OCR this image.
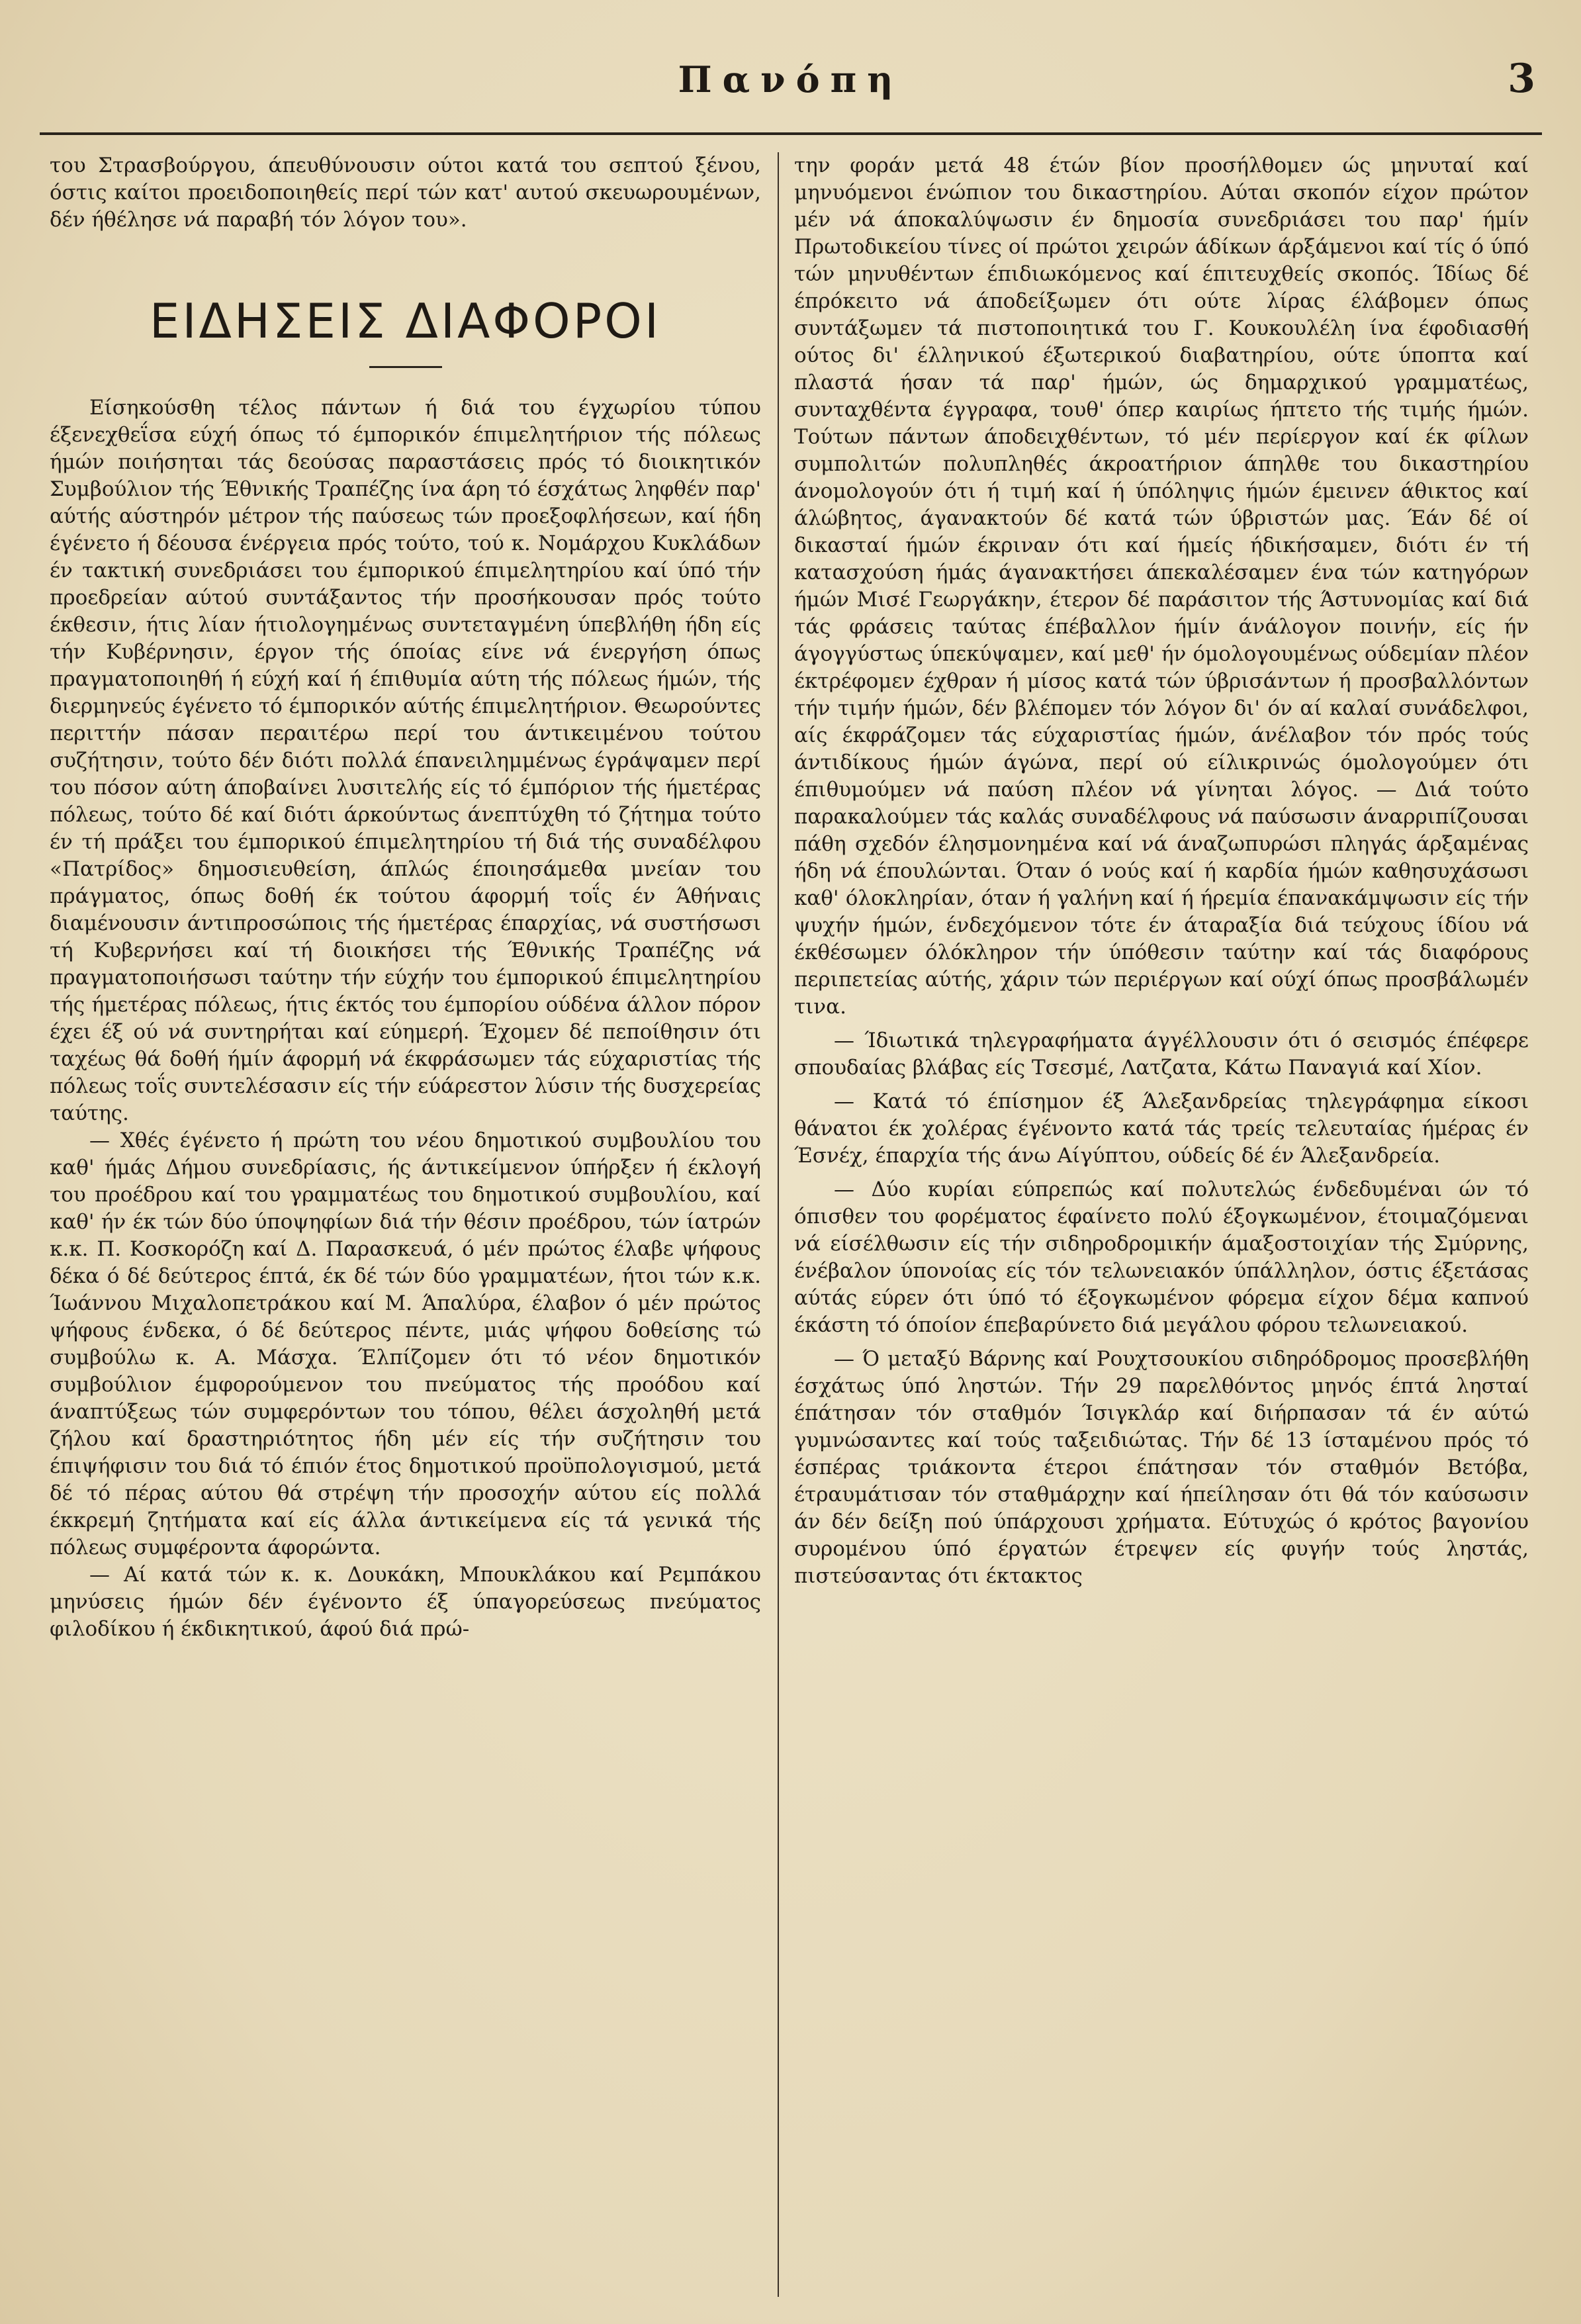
Πανόπη	3

του Στρασβούργου, άπευθύνουσιν ούτοι κατά του σεπτού ξένου, όστις καίτοι προειδοποιηθείς περί τών κατ' αυτού σκευωρουμένων, δέν ήθέλησε νά παραβή τόν λόγον του».

ΕΙΔΗΣΕΙΣ ΔΙΑΦΟΡΟΙ

Είσηκούσθη τέλος πάντων ή διά του έγχωρίου τύπου έξενεχθεΐσα εύχή όπως τό έμπορικόν έπιμελητήριον τής πόλεως ήμών ποιήσηται τάς δεούσας παραστάσεις πρός τό διοικητικόν Συμβούλιον τής Έθνικής Τραπέζης ίνα άρη τό έσχάτως ληφθέν παρ' αύτής αύστηρόν μέτρον τής παύσεως τών προεξοφλήσεων, καί ήδη έγένετο ή δέουσα ένέργεια πρός τούτο, τού κ. Νομάρχου Κυκλάδων έν τακτική συνεδριάσει του έμπορικού έπιμελητηρίου καί ύπό τήν προεδρείαν αύτού συντάξαντος τήν προσήκουσαν πρός τούτο έκθεσιν, ήτις λίαν ήτιολογημένως συντεταγμένη ύπεβλήθη ήδη είς τήν Κυβέρνησιν, έργον τής όποίας είνε νά ένεργήση όπως πραγματοποιηθή ή εύχή καί ή έπιθυμία αύτη τής πόλεως ήμών, τής διερμηνεύς έγένετο τό έμπορικόν αύτής έπιμελητήριον. Θεωρούντες περιττήν πάσαν περαιτέρω περί του άντικειμένου τούτου συζήτησιν, τούτο δέν διότι πολλά έπανειλημμένως έγράψαμεν περί του πόσον αύτη άποβαίνει λυσιτελής είς τό έμπόριον τής ήμετέρας πόλεως, τούτο δέ καί διότι άρκούντως άνεπτύχθη τό ζήτημα τούτο έν τή πράξει του έμπορικού έπιμελητηρίου τή διά τής συναδέλφου «Πατρίδος» δημοσιευθείση, άπλώς έποιησάμεθα μνείαν του πράγματος, όπως δοθή έκ τούτου άφορμή τοΐς έν Άθήναις διαμένουσιν άντιπροσώποις τής ήμετέρας έπαρχίας, νά συστήσωσι τή Κυβερνήσει καί τή διοικήσει τής Έθνικής Τραπέζης νά πραγματοποιήσωσι ταύτην τήν εύχήν του έμπορικού έπιμελητηρίου τής ήμετέρας πόλεως, ήτις έκτός του έμπορίου ούδένα άλλον πόρον έχει έξ ού νά συντηρήται καί εύημερή. Έχομεν δέ πεποίθησιν ότι ταχέως θά δοθή ήμίν άφορμή νά έκφράσωμεν τάς εύχαριστίας τής πόλεως τοΐς συντελέσασιν είς τήν εύάρεστον λύσιν τής δυσχερείας ταύτης.

— Χθές έγένετο ή πρώτη του νέου δημοτικού συμβουλίου του καθ' ήμάς Δήμου συνεδρίασις, ής άντικείμενον ύπήρξεν ή έκλογή του προέδρου καί του γραμματέως του δημοτικού συμβουλίου, καί καθ' ήν έκ τών δύο ύποψηφίων διά τήν θέσιν προέδρου, τών ίατρών κ.κ. Π. Κοσκορόζη καί Δ. Παρασκευά, ό μέν πρώτος έλαβε ψήφους δέκα ό δέ δεύτερος έπτά, έκ δέ τών δύο γραμματέων, ήτοι τών κ.κ. Ίωάννου Μιχαλοπετράκου καί Μ. Άπαλύρα, έλαβον ό μέν πρώτος ψήφους ένδεκα, ό δέ δεύτερος πέντε, μιάς ψήφου δοθείσης τώ συμβούλω κ. Α. Μάσχα. Έλπίζομεν ότι τό νέον δημοτικόν συμβούλιον έμφορούμενον του πνεύματος τής προόδου καί άναπτύξεως τών συμφερόντων του τόπου, θέλει άσχοληθή μετά ζήλου καί δραστηριότητος ήδη μέν είς τήν συζήτησιν του έπιψήφισιν του διά τό έπιόν έτος δημοτικού προϋπολογισμού, μετά δέ τό πέρας αύτου θά στρέψη τήν προσοχήν αύτου είς πολλά έκκρεμή ζητήματα καί είς άλλα άντικείμενα είς τά γενικά τής πόλεως συμφέροντα άφορώντα.

— Αί κατά τών κ. κ. Δουκάκη, Μπουκλάκου καί Ρεμπάκου μηνύσεις ήμών δέν έγένοντο έξ ύπαγορεύσεως πνεύματος φιλοδίκου ή έκδικητικού, άφού διά πρώ-

την φοράν μετά 48 έτών βίον προσήλθομεν ώς μηνυταί καί μηνυόμενοι ένώπιον του δικαστηρίου. Αύται σκοπόν είχον πρώτον μέν νά άποκαλύψωσιν έν δημοσία συνεδριάσει του παρ' ήμίν Πρωτοδικείου τίνες οί πρώτοι χειρών άδίκων άρξάμενοι καί τίς ό ύπό τών μηνυθέντων έπιδιωκόμενος καί έπιτευχθείς σκοπός. Ίδίως δέ έπρόκειτο νά άποδείξωμεν ότι ούτε λίρας έλάβομεν όπως συντάξωμεν τά πιστοποιητικά του Γ. Κουκουλέλη ίνα έφοδιασθή ούτος δι' έλληνικού έξωτερικού διαβατηρίου, ούτε ύποπτα καί πλαστά ήσαν τά παρ' ήμών, ώς δημαρχικού γραμματέως, συνταχθέντα έγγραφα, τουθ' όπερ καιρίως ήπτετο τής τιμής ήμών. Τούτων πάντων άποδειχθέντων, τό μέν περίεργον καί έκ φίλων συμπολιτών πολυπληθές άκροατήριον άπηλθε του δικαστηρίου άνομολογούν ότι ή τιμή καί ή ύπόληψις ήμών έμεινεν άθικτος καί άλώβητος, άγανακτούν δέ κατά τών ύβριστών μας. Έάν δέ οί δικασταί ήμών έκριναν ότι καί ήμείς ήδικήσαμεν, διότι έν τή κατασχούση ήμάς άγανακτήσει άπεκαλέσαμεν ένα τών κατηγόρων ήμών Μισέ Γεωργάκην, έτερον δέ παράσιτον τής Άστυνομίας καί διά τάς φράσεις ταύτας έπέβαλλον ήμίν άνάλογον ποινήν, είς ήν άγογγύστως ύπεκύψαμεν, καί μεθ' ήν όμολογουμένως ούδεμίαν πλέον έκτρέφομεν έχθραν ή μίσος κατά τών ύβρισάντων ή προσβαλλόντων τήν τιμήν ήμών, δέν βλέπομεν τόν λόγον δι' όν αί καλαί συνάδελφοι, αίς έκφράζομεν τάς εύχαριστίας ήμών, άνέλαβον τόν πρός τούς άντιδίκους ήμών άγώνα, περί ού είλικρινώς όμολογούμεν ότι έπιθυμούμεν νά παύση πλέον νά γίνηται λόγος. — Διά τούτο παρακαλούμεν τάς καλάς συναδέλφους νά παύσωσιν άναρριπίζουσαι πάθη σχεδόν έλησμονημένα καί νά άναζωπυρώσι πληγάς άρξαμένας ήδη νά έπουλώνται. Όταν ό νούς καί ή καρδία ήμών καθησυχάσωσι καθ' όλοκληρίαν, όταν ή γαλήνη καί ή ήρεμία έπανακάμψωσιν είς τήν ψυχήν ήμών, ένδεχόμενον τότε έν άταραξία διά τεύχους ίδίου νά έκθέσωμεν όλόκληρον τήν ύπόθεσιν ταύτην καί τάς διαφόρους περιπετείας αύτής, χάριν τών περιέργων καί ούχί όπως προσβάλωμέν τινα.

— Ίδιωτικά τηλεγραφήματα άγγέλλουσιν ότι ό σεισμός έπέφερε σπουδαίας βλάβας είς Τσεσμέ, Λατζατα, Κάτω Παναγιά καί Χίον.

— Κατά τό έπίσημον έξ Άλεξανδρείας τηλεγράφημα είκοσι θάνατοι έκ χολέρας έγένοντο κατά τάς τρείς τελευταίας ήμέρας έν Έσνέχ, έπαρχία τής άνω Αίγύπτου, ούδείς δέ έν Άλεξανδρεία.

— Δύο κυρίαι εύπρεπώς καί πολυτελώς ένδεδυμέναι ών τό όπισθεν του φορέματος έφαίνετο πολύ έξογκωμένον, έτοιμαζόμεναι νά είσέλθωσιν είς τήν σιδηροδρομικήν άμαξοστοιχίαν τής Σμύρνης, ένέβαλον ύπονοίας είς τόν τελωνειακόν ύπάλληλον, όστις έξετάσας αύτάς εύρεν ότι ύπό τό έξογκωμένον φόρεμα είχον δέμα καπνού έκάστη τό όποίον έπεβαρύνετο διά μεγάλου φόρου τελωνειακού.

— Ό μεταξύ Βάρνης καί Ρουχτσουκίου σιδηρόδρομος προσεβλήθη έσχάτως ύπό ληστών. Τήν 29 παρελθόντος μηνός έπτά λησταί έπάτησαν τόν σταθμόν Ίσιγκλάρ καί διήρπασαν τά έν αύτώ γυμνώσαντες καί τούς ταξειδιώτας. Τήν δέ 13 ίσταμένου πρός τό έσπέρας τριάκοντα έτεροι έπάτησαν τόν σταθμόν Βετόβα, έτραυμάτισαν τόν σταθμάρχην καί ήπείλησαν ότι θά τόν καύσωσιν άν δέν δείξη πού ύπάρχουσι χρήματα. Εύτυχώς ό κρότος βαγονίου συρομένου ύπό έργατών έτρεψεν είς φυγήν τούς ληστάς, πιστεύσαντας ότι έκτακτος
